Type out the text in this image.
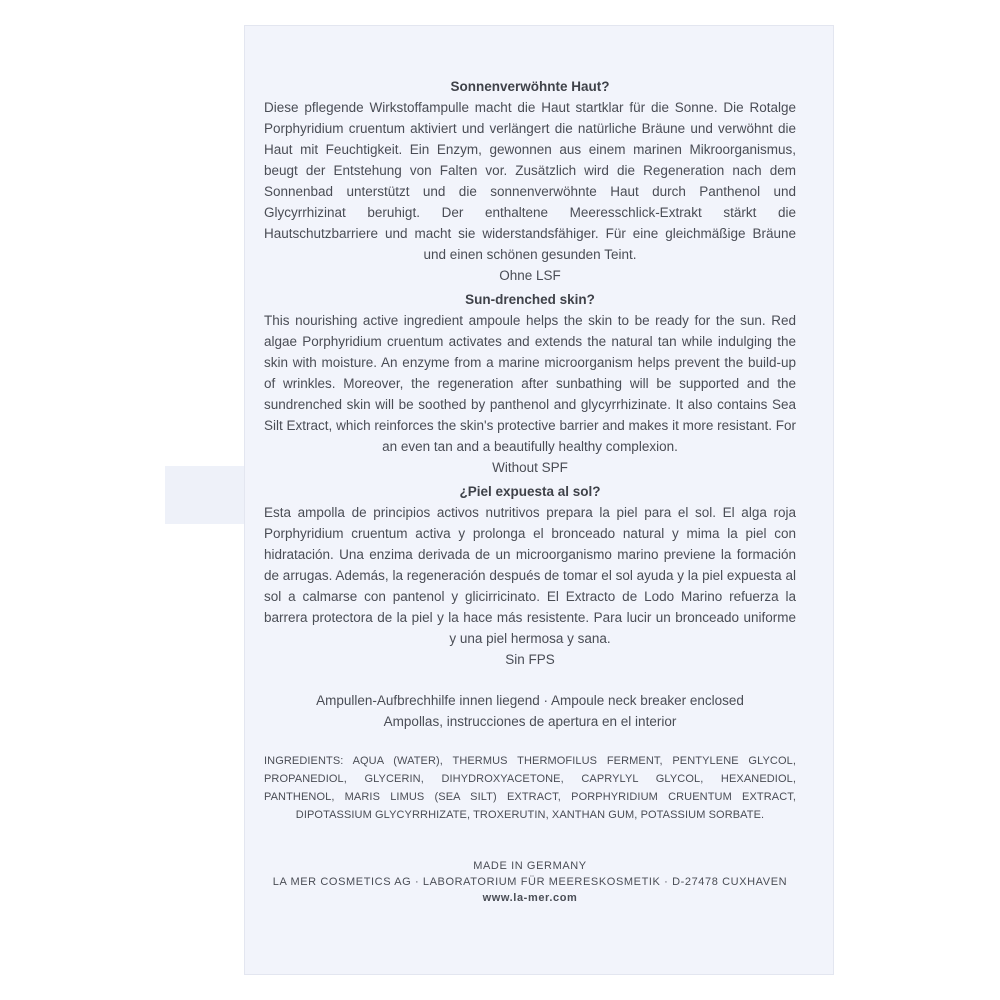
Sonnenverwöhnte Haut?

Diese pflegende Wirkstoffampulle macht die Haut startklar für die Sonne. Die Rotalge Porphyridium cruentum aktiviert und verlängert die natürliche Bräune und verwöhnt die Haut mit Feuchtigkeit. Ein Enzym, gewonnen aus einem marinen Mikroorganismus, beugt der Entstehung von Falten vor. Zusätzlich wird die Regeneration nach dem Sonnenbad unterstützt und die sonnenverwöhnte Haut durch Panthenol und Glycyrrhizinat beruhigt. Der enthaltene Meeresschlick-Extrakt stärkt die Hautschutzbarriere und macht sie widerstandsfähiger. Für eine gleichmäßige Bräune und einen schönen gesunden Teint.

Ohne LSF

Sun-drenched skin?

This nourishing active ingredient ampoule helps the skin to be ready for the sun. Red algae Porphyridium cruentum activates and extends the natural tan while indulging the skin with moisture. An enzyme from a marine microorganism helps prevent the build-up of wrinkles. Moreover, the regeneration after sunbathing will be supported and the sundrenched skin will be soothed by panthenol and glycyrrhizinate. It also contains Sea Silt Extract, which reinforces the skin's protective barrier and makes it more resistant. For an even tan and a beautifully healthy complexion.

Without SPF

¿Piel expuesta al sol?

Esta ampolla de principios activos nutritivos prepara la piel para el sol. El alga roja Porphyridium cruentum activa y prolonga el bronceado natural y mima la piel con hidratación. Una enzima derivada de un microorganismo marino previene la formación de arrugas. Además, la regeneración después de tomar el sol ayuda y la piel expuesta al sol a calmarse con pantenol y glicirricinato. El Extracto de Lodo Marino refuerza la barrera protectora de la piel y la hace más resistente. Para lucir un bronceado uniforme y una piel hermosa y sana.

Sin FPS

Ampullen-Aufbrechhilfe innen liegend · Ampoule neck breaker enclosed

Ampollas, instrucciones de apertura en el interior

INGREDIENTS: AQUA (WATER), THERMUS THERMOFILUS FERMENT, PENTYLENE GLYCOL, PROPANEDIOL, GLYCERIN, DIHYDROXYACETONE, CAPRYLYL GLYCOL, HEXANEDIOL, PANTHENOL, MARIS LIMUS (SEA SILT) EXTRACT, PORPHYRIDIUM CRUENTUM EXTRACT, DIPOTASSIUM GLYCYRRHIZATE, TROXERUTIN, XANTHAN GUM, POTASSIUM SORBATE.

MADE IN GERMANY

LA MER COSMETICS AG · LABORATORIUM FÜR MEERESKOSMETIK · D-27478 CUXHAVEN

www.la-mer.com
